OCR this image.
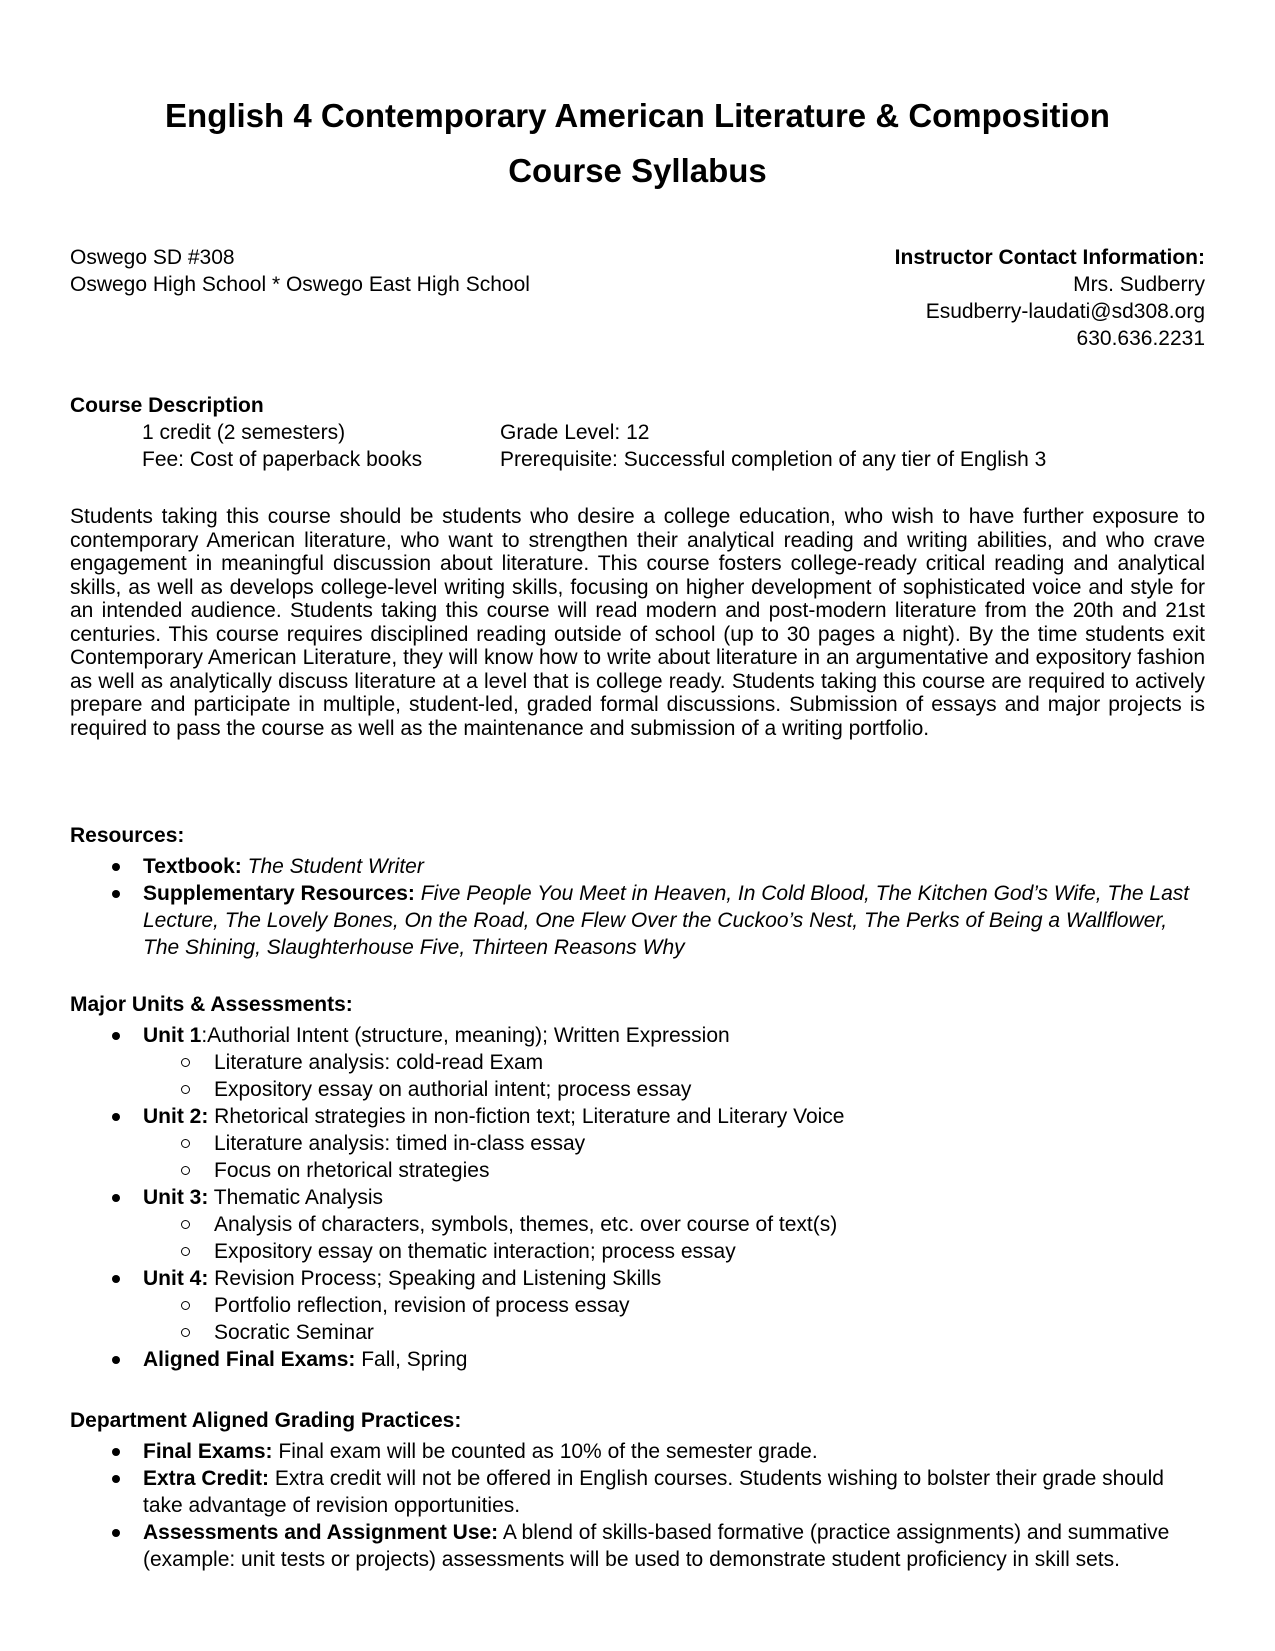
English 4 Contemporary American Literature & Composition
Course Syllabus
Oswego SD #308
Oswego High School * Oswego East High School
Instructor Contact Information:
Mrs. Sudberry
Esudberry-laudati@sd308.org
630.636.2231
Course Description
1 credit (2 semesters)	Grade Level: 12
Fee: Cost of paperback books	Prerequisite: Successful completion of any tier of English 3
Students taking this course should be students who desire a college education, who wish to have further exposure to contemporary American literature, who want to strengthen their analytical reading and writing abilities, and who crave engagement in meaningful discussion about literature. This course fosters college-ready critical reading and analytical skills, as well as develops college-level writing skills, focusing on higher development of sophisticated voice and style for an intended audience. Students taking this course will read modern and post-modern literature from the 20th and 21st centuries. This course requires disciplined reading outside of school (up to 30 pages a night). By the time students exit Contemporary American Literature, they will know how to write about literature in an argumentative and expository fashion as well as analytically discuss literature at a level that is college ready. Students taking this course are required to actively prepare and participate in multiple, student-led, graded formal discussions. Submission of essays and major projects is required to pass the course as well as the maintenance and submission of a writing portfolio.
Resources:
Textbook: The Student Writer
Supplementary Resources: Five People You Meet in Heaven, In Cold Blood, The Kitchen God’s Wife, The Last Lecture, The Lovely Bones, On the Road, One Flew Over the Cuckoo’s Nest, The Perks of Being a Wallflower, The Shining, Slaughterhouse Five, Thirteen Reasons Why
Major Units & Assessments:
Unit 1:Authorial Intent (structure, meaning); Written Expression
Literature analysis: cold-read Exam
Expository essay on authorial intent; process essay
Unit 2: Rhetorical strategies in non-fiction text; Literature and Literary Voice
Literature analysis: timed in-class essay
Focus on rhetorical strategies
Unit 3: Thematic Analysis
Analysis of characters, symbols, themes, etc. over course of text(s)
Expository essay on thematic interaction; process essay
Unit 4: Revision Process; Speaking and Listening Skills
Portfolio reflection, revision of process essay
Socratic Seminar
Aligned Final Exams: Fall, Spring
Department Aligned Grading Practices:
Final Exams: Final exam will be counted as 10% of the semester grade.
Extra Credit: Extra credit will not be offered in English courses. Students wishing to bolster their grade should take advantage of revision opportunities.
Assessments and Assignment Use: A blend of skills-based formative (practice assignments) and summative (example: unit tests or projects) assessments will be used to demonstrate student proficiency in skill sets.
